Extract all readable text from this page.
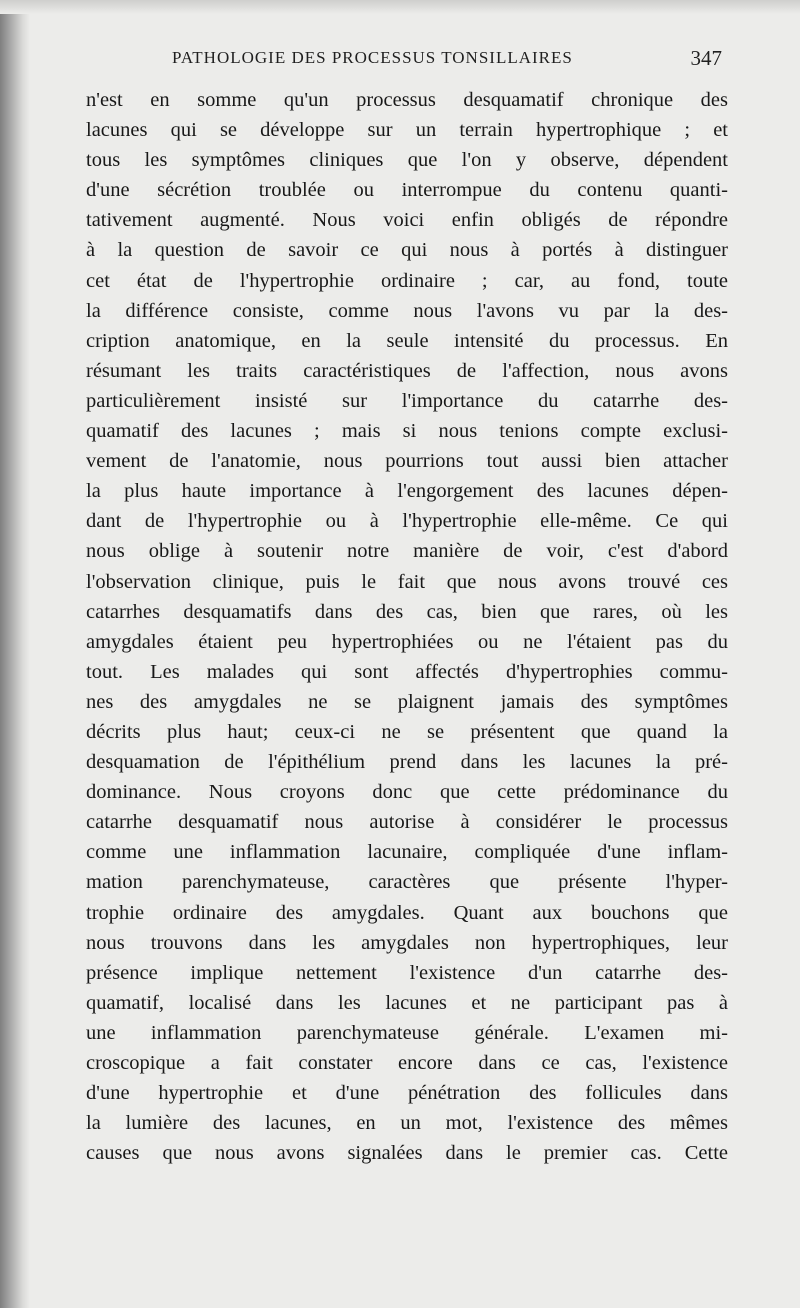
PATHOLOGIE DES PROCESSUS TONSILLAIRES	347
n'est en somme qu'un processus desquamatif chronique des
lacunes qui se développe sur un terrain hypertrophique ; et
tous les symptômes cliniques que l'on y observe, dépendent
d'une sécrétion troublée ou interrompue du contenu quanti-
tativement augmenté. Nous voici enfin obligés de répondre
à la question de savoir ce qui nous à portés à distinguer
cet état de l'hypertrophie ordinaire ; car, au fond, toute
la différence consiste, comme nous l'avons vu par la des-
cription anatomique, en la seule intensité du processus. En
résumant les traits caractéristiques de l'affection, nous avons
particulièrement insisté sur l'importance du catarrhe des-
quamatif des lacunes ; mais si nous tenions compte exclusi-
vement de l'anatomie, nous pourrions tout aussi bien attacher
la plus haute importance à l'engorgement des lacunes dépen-
dant de l'hypertrophie ou à l'hypertrophie elle-même. Ce qui
nous oblige à soutenir notre manière de voir, c'est d'abord
l'observation clinique, puis le fait que nous avons trouvé ces
catarrhes desquamatifs dans des cas, bien que rares, où les
amygdales étaient peu hypertrophiées ou ne l'étaient pas du
tout. Les malades qui sont affectés d'hypertrophies commu-
nes des amygdales ne se plaignent jamais des symptômes
décrits plus haut; ceux-ci ne se présentent que quand la
desquamation de l'épithélium prend dans les lacunes la pré-
dominance. Nous croyons donc que cette prédominance du
catarrhe desquamatif nous autorise à considérer le processus
comme une inflammation lacunaire, compliquée d'une inflam-
mation parenchymateuse, caractères que présente l'hyper-
trophie ordinaire des amygdales. Quant aux bouchons que
nous trouvons dans les amygdales non hypertrophiques, leur
présence implique nettement l'existence d'un catarrhe des-
quamatif, localisé dans les lacunes et ne participant pas à
une inflammation parenchymateuse générale. L'examen mi-
croscopique a fait constater encore dans ce cas, l'existence
d'une hypertrophie et d'une pénétration des follicules dans
la lumière des lacunes, en un mot, l'existence des mêmes
causes que nous avons signalées dans le premier cas. Cette
